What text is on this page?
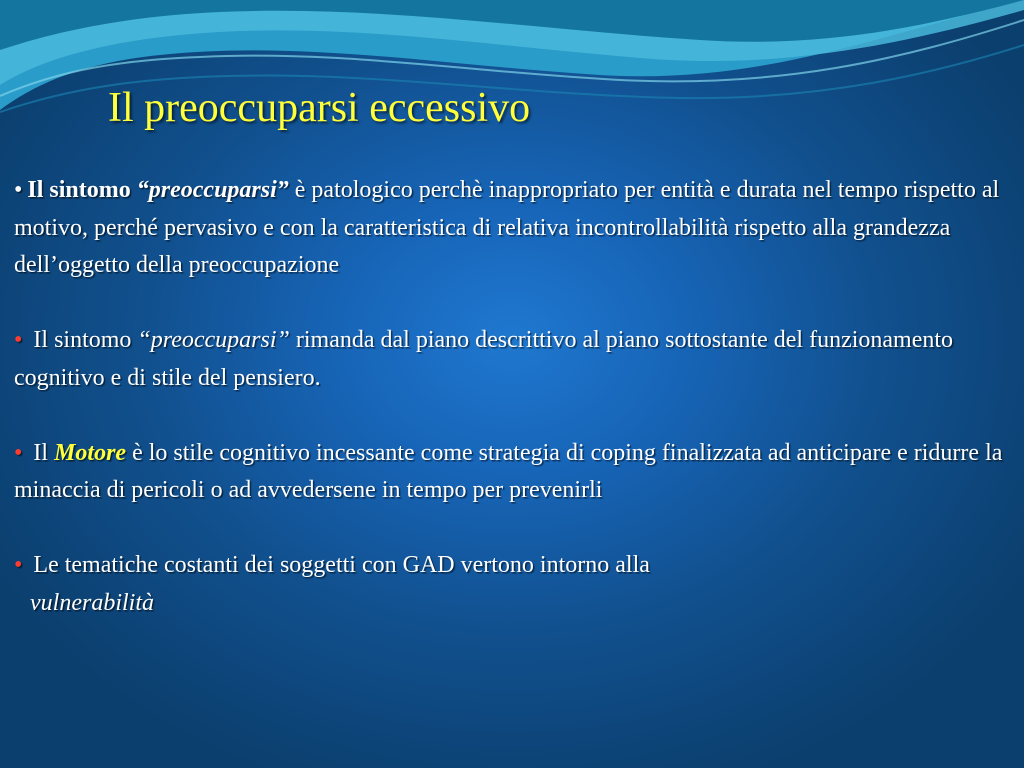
Il preoccuparsi eccessivo

• Il sintomo “preoccuparsi” è patologico perchè inappropriato per entità e durata nel tempo rispetto al motivo, perché pervasivo e con la caratteristica di relativa incontrollabilità rispetto alla grandezza dell’oggetto della preoccupazione

• Il sintomo “preoccuparsi” rimanda dal piano descrittivo al piano sottostante del funzionamento cognitivo e di stile del pensiero.

• Il Motore è lo stile cognitivo incessante come strategia di coping finalizzata ad anticipare e ridurre la minaccia di pericoli o ad avvedersene in tempo per prevenirli

• Le tematiche costanti dei soggetti con GAD vertono intorno alla

vulnerabilità
